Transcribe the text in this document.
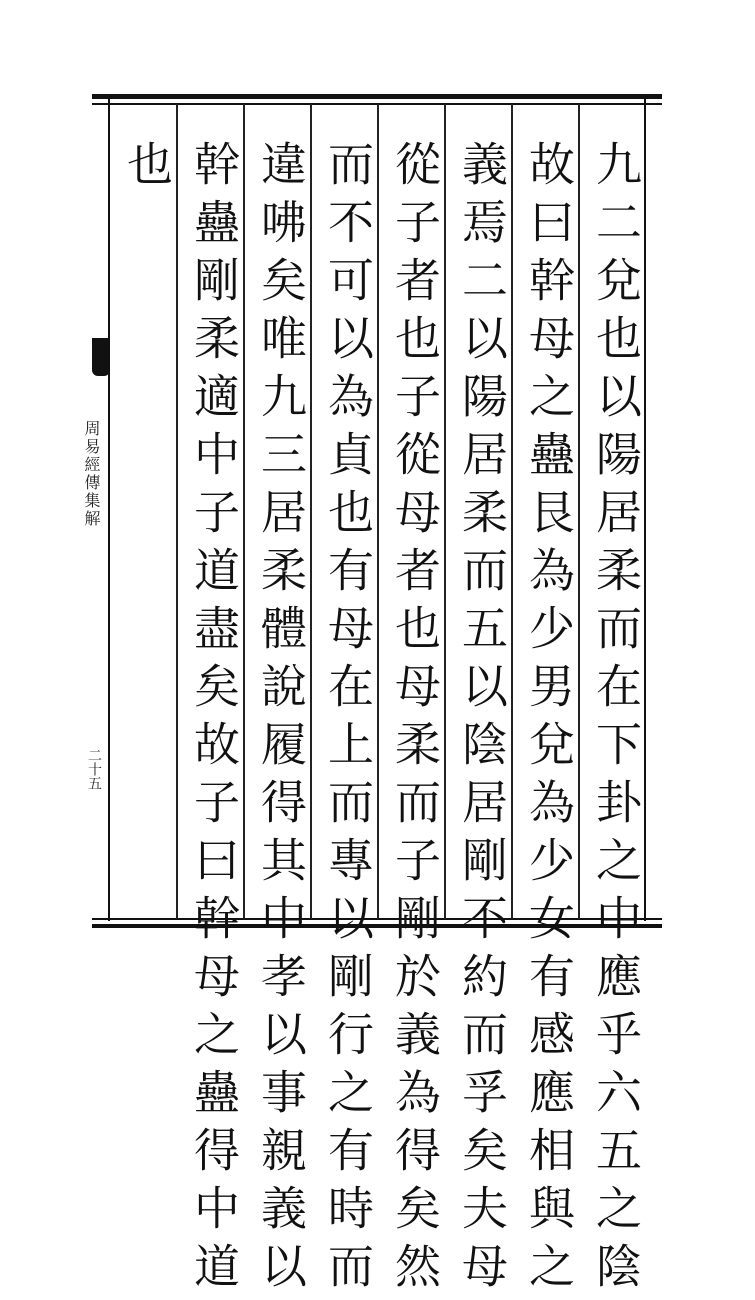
九二兌也以陽居柔而在下卦之中應乎六五之陰
故曰幹母之蠱艮為少男兌為少女有感應相與之
義焉二以陽居柔而五以陰居剛不約而孚矣夫母
從子者也子從母者也母柔而子剛於義為得矣然
而不可以為貞也有母在上而專以剛行之有時而
違咈矣唯九三居柔體說履得其中孝以事親義以
幹蠱剛柔適中子道盡矣故子曰幹母之蠱得中道
也
周易經傳集解
二十五
